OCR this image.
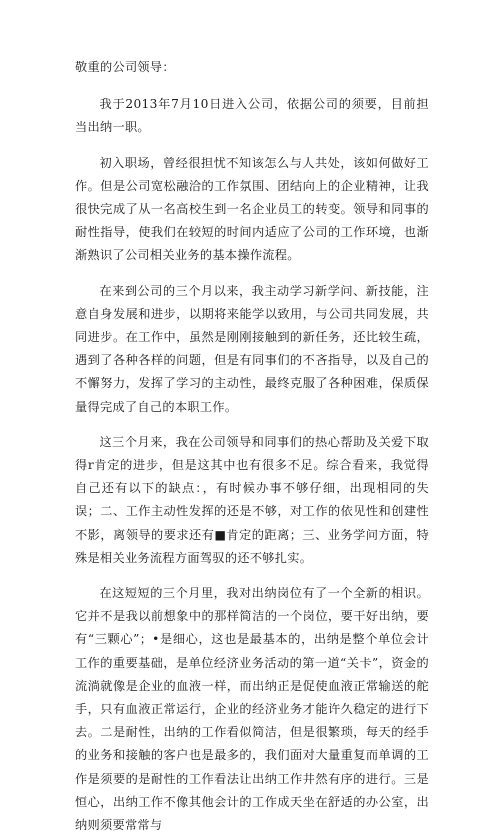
敬重的公司领导：

我于2013年7月10日进入公司，依据公司的须要，目前担当出纳一职。

初入职场，曾经很担忧不知该怎么与人共处，该如何做好工作。但是公司宽松融洽的工作氛围、团结向上的企业精神，让我很快完成了从一名高校生到一名企业员工的转变。领导和同事的耐性指导，使我们在较短的时间内适应了公司的工作环境，也渐渐熟识了公司相关业务的基本操作流程。

在来到公司的三个月以来，我主动学习新学问、新技能，注意自身发展和进步，以期将来能学以致用，与公司共同发展，共同进步。在工作中，虽然是刚刚接触到的新任务，还比较生疏，遇到了各种各样的问题，但是有同事们的不吝指导，以及自己的不懈努力，发挥了学习的主动性，最终克服了各种困难，保质保量得完成了自己的本职工作。

这三个月来，我在公司领导和同事们的热心帮助及关爱下取得r肯定的进步，但是这其中也有很多不足。综合看来，我觉得自己还有以下的缺点：，有时候办事不够仔细，出现相同的失误；二、工作主动性发挥的还是不够，对工作的依见性和创建性不影，离领导的要求还有■肯定的距离；三、业务学问方面，特殊是相关业务流程方面驾驭的还不够扎实。

在这短短的三个月里，我对出纳岗位有了一个全新的相识。它并不是我以前想象中的那样简洁的一个岗位，要干好出纳，要有“三颗心”；•是细心，这也是最基本的，出纳是整个单位会计工作的重要基础，是单位经济业务活动的第一道“关卡”，资金的流淌就像是企业的血液一样，而出纳正是促使血液正常输送的舵手，只有血液正常运行，企业的经济业务才能许久稳定的进行下去。二是耐性，出纳的工作看似简洁，但是很繁琐，每天的经手的业务和接触的客户也是最多的，我们面对大量重复而单调的工作是须要的是耐性的工作看法让出纳工作井然有序的进行。三是恒心，出纳工作不像其他会计的工作成天坐在舒适的办公室，出纳则须要常常与
